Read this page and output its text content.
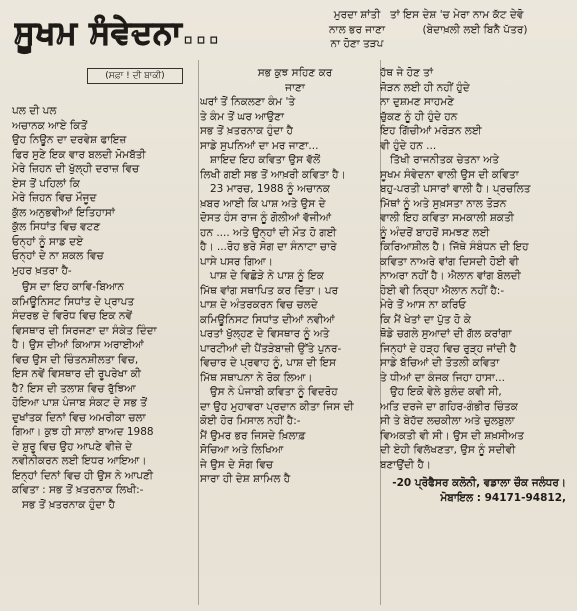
ਸੂਖਮ ਸੰਵੇਦਨਾ...
(ਸਫ਼ਾ ! ਦੀ ਬਾਕੀ)
ਪਲ ਦੀ ਪਲ
ਅਚਾਨਕ ਆਏ ਕਿਤੋਂ
ਉਹ ਨਿਊਨ ਦਾ ਦਰਵੇਸ਼ ਫਾਇਜ਼
ਫਿਰ ਸੁਣੇ ਇਕ ਵਾਰ ਬਲਦੀ ਮੋਮਬੱਤੀ
ਮੇਰੇ ਜ਼ਿਹਨ ਦੀ ਖੁੱਲ੍ਹੀ ਦਰਾਜ਼ ਵਿਚ
ਏਸ ਤੋਂ ਪਹਿਲਾਂ ਕਿ
ਮੇਰੇ ਜ਼ਿਹਨ ਵਿਚ ਮੌਜੂਦ
ਕੁੱਲ ਅਨੁਭਵੀਆਂ ਇਤਿਹਾਸਾਂ
ਕੁੱਲ ਸਿਧਾਂਤ ਵਿਚ ਵਟਣ
ਓਨ੍ਹਾਂ ਨੂੰ ਸਾਡ ਦਏ
ਓਨ੍ਹਾਂ ਦੇ ਨਾ ਸ਼ਕਲ ਵਿਚ
ਮੁਹਰ ਖ਼ਤਰਾ ਹੈ-
ਉਸ ਦਾ ਇਹ ਕਾਵਿ-ਬਿਆਨ
ਕਮਿਊਨਿਸਟ ਸਿਧਾਂਤ ਦੇ ਪ੍ਰਾਪਤ
ਸੰਦਰਭ ਦੇ ਵਿਰੋਧ ਵਿਚ ਇਕ ਨਵੇਂ
ਵਿਸਥਾਰ ਦੀ ਸਿਰਜਣਾ ਦਾ ਸੰਕੇਤ ਦਿੰਦਾ
ਹੈ। ਉਸ ਦੀਆਂ ਕਿਆਸ ਅਰਾਈਆਂ
ਵਿਚ ਉਸ ਦੀ ਚਿੰਤਨਸ਼ੀਲਤਾ ਵਿਚ,
ਇਸ ਨਵੇਂ ਵਿਸਥਾਰ ਦੀ ਰੂਪਰੇਖਾ ਕੀ
ਹੈ? ਇਸ ਦੀ ਤਲਾਸ਼ ਵਿਚ ਰੁੱਝਿਆ
ਹੋਇਆ ਪਾਸ਼ ਪੰਜਾਬ ਸੰਕਟ ਦੇ ਸਭ ਤੋਂ
ਦੁਖਾਂਤਕ ਦਿਨਾਂ ਵਿਚ ਅਮਰੀਕਾ ਚਲਾ
ਗਿਆ। ਕੁਝ ਹੀ ਸਾਲਾਂ ਬਾਅਦ 1988
ਦੇ ਸ਼ੁਰੂ ਵਿਚ ਉਹ ਆਪਣੇ ਵੀਜ਼ੇ ਦੇ
ਨਵੀਨੀਕਰਨ ਲਈ ਇਧਰ ਆਇਆ।
ਇਨ੍ਹਾਂ ਦਿਨਾਂ ਵਿਚ ਹੀ ਉਸ ਨੇ ਆਪਣੀ
ਕਵਿਤਾ : ਸਭ ਤੋਂ ਖ਼ਤਰਨਾਕ ਲਿਖੀ:-
ਸਭ ਤੋਂ ਖ਼ਤਰਨਾਕ ਹੁੰਦਾ ਹੈ
ਮੁਰਦਾ ਸ਼ਾਂਤੀ
ਨਾਲ ਭਰ ਜਾਣਾ
ਨਾ ਹੋਣਾ ਤੜਪ
ਸਭ ਕੁਝ ਸਹਿਣ ਕਰ
ਜਾਣਾ
ਘਰਾਂ ਤੋਂ ਨਿਕਲਣਾ ਕੰਮ 'ਤੇ
ਤੇ ਕੰਮ ਤੋਂ ਘਰ ਆਉਣਾ
ਸਭ ਤੋਂ ਖ਼ਤਰਨਾਕ ਹੁੰਦਾ ਹੈ
ਸਾਡੇ ਸੁਪਨਿਆਂ ਦਾ ਮਰ ਜਾਣਾ...
ਸ਼ਾਇਦ ਇਹ ਕਵਿਤਾ ਉਸ ਵੱਲੋਂ
ਲਿਖੀ ਗਈ ਸਭ ਤੋਂ ਆਖ਼ਰੀ ਕਵਿਤਾ ਹੈ।
23 ਮਾਰਚ, 1988 ਨੂੰ ਅਚਾਨਕ
ਖ਼ਬਰ ਆਈ ਕਿ ਪਾਸ਼ ਅਤੇ ਉਸ ਦੇ
ਦੋਸਤ ਹੰਸ ਰਾਜ ਨੂੰ ਗੋਲੀਆਂ ਵੱਜੀਆਂ
ਹਨ .... ਅਤੇ ਉਨ੍ਹਾਂ ਦੀ ਮੌਤ ਹੋ ਗਈ
ਹੈ। ...ਰੋਹ ਭਰੇ ਸੋਗ ਦਾ ਸੰਨਾਟਾ ਚਾਰੇ
ਪਾਸੇ ਪਸਰ ਗਿਆ।
ਪਾਸ਼ ਦੇ ਵਿਛੋੜੇ ਨੇ ਪਾਸ਼ ਨੂੰ ਇਕ
ਮਿੱਥ ਵਾਂਗ ਸਥਾਪਿਤ ਕਰ ਦਿੱਤਾ। ਪਰ
ਪਾਸ਼ ਦੇ ਅੰਤਰਕਰਨ ਵਿਚ ਚਲਦੇ
ਕਮਿਊਨਿਸਟ ਸਿਧਾਂਤ ਦੀਆਂ ਨਵੀਆਂ
ਪਰਤਾਂ ਖੁੱਲ੍ਹਣ ਦੇ ਵਿਸਥਾਰ ਨੂੰ ਅਤੇ
ਪਾਰਟੀਆਂ ਦੀ ਪੈਂਤੜੇਬਾਜ਼ੀ ਉੱਤੇ ਪੁਨਰ-
ਵਿਚਾਰ ਦੇ ਪ੍ਰਵਾਹ ਨੂੰ, ਪਾਸ਼ ਦੀ ਇਸ
ਮਿੱਥ ਸਥਾਪਨਾ ਨੇ ਰੋਕ ਲਿਆ।
ਉਸ ਨੇ ਪੰਜਾਬੀ ਕਵਿਤਾ ਨੂੰ ਵਿਦਰੋਹ
ਦਾ ਉਹ ਮੁਹਾਵਰਾ ਪ੍ਰਦਾਨ ਕੀਤਾ ਜਿਸ ਦੀ
ਕੋਈ ਹੋਰ ਮਿਸਾਲ ਨਹੀਂ ਹੈ:-
ਮੈਂ ਉਮਰ ਭਰ ਜਿਸਦੇ ਖ਼ਿਲਾਫ਼
ਸੋਚਿਆ ਅਤੇ ਲਿਖਿਆ
ਜੇ ਉਸ ਦੇ ਸੋਗ ਵਿਚ
ਸਾਰਾ ਹੀ ਦੇਸ਼ ਸ਼ਾਮਿਲ ਹੈ
ਤਾਂ ਇਸ ਦੇਸ਼ 'ਚ ਮੇਰਾ ਨਾਮ ਕੱਟ ਦੇਵੋ
(ਬੇਦਾਖ਼ਲੀ ਲਈ ਬਿਨੈ ਪੱਤਰ)
ਹੱਥ ਜੇ ਹੋਣ ਤਾਂ
ਜੋੜਨ ਲਈ ਹੀ ਨਹੀਂ ਹੁੰਦੇ
ਨਾ ਦੁਸ਼ਮਣ ਸਾਹਮਣੇ
ਚੁੱਕਣ ਨੂੰ ਹੀ ਹੁੰਦੇ ਹਨ
ਇਹ ਗਿੱਚੀਆਂ ਮਰੋੜਨ ਲਈ
ਵੀ ਹੁੰਦੇ ਹਨ ...
ਤਿੱਖੀ ਰਾਜਨੀਤਕ ਚੇਤਨਾ ਅਤੇ
ਸੂਖਮ ਸੰਵੇਦਨਾ ਵਾਲੀ ਉਸ ਦੀ ਕਵਿਤਾ
ਬਹੁ-ਪਰਤੀ ਪਸਾਰਾਂ ਵਾਲੀ ਹੈ। ਪ੍ਰਚਲਿਤ
ਮਿੱਥਾਂ ਨੂੰ ਅਤੇ ਸੁਖ਼ਸਤਾ ਨਾਲ ਤੋੜਨ
ਵਾਲੀ ਇਹ ਕਵਿਤਾ ਸਮਕਾਲੀ ਸ਼ਕਤੀ
ਨੂੰ ਅੰਦਰੋਂ ਬਾਹਰੋਂ ਸਮਝਣ ਲਈ
ਕਿਰਿਆਸ਼ੀਲ ਹੈ। ਜਿੱਥੇ ਸੰਬੰਧਨ ਦੀ ਇਹ
ਕਵਿਤਾ ਨਾਅਰੇ ਵਾਂਗ ਦਿਸਦੀ ਹੋਈ ਵੀ
ਨਾਅਰਾ ਨਹੀਂ ਹੈ। ਐਲਾਨ ਵਾਂਗ ਬੋਲਦੀ
ਹੋਈ ਵੀ ਨਿਰ੍ਹਾ ਐਲਾਨ ਨਹੀਂ ਹੈ:-
ਮੇਰੇ ਤੋਂ ਆਸ ਨਾ ਕਰਿਓ
ਕਿ ਮੈਂ ਖੇਤਾਂ ਦਾ ਪੁੱਤ ਹੋ ਕੇ
ਥੋਡੇ ਚਗਲੇ ਸੁਆਦਾਂ ਦੀ ਗੱਲ ਕਰਾਂਗਾ
ਜਿਨ੍ਹਾਂ ਦੇ ਹੜ੍ਹ ਵਿਚ ਰੁੜ੍ਹ ਜਾਂਦੀ ਹੈ
ਸਾਡੇ ਬੱਚਿਆਂ ਦੀ ਤੋਤਲੀ ਕਵਿਤਾ
ਤੇ ਧੀਆਂ ਦਾ ਕੰਜਕ ਜਿਹਾ ਹਾਸਾ...
ਉਹ ਇਕੋ ਵੇਲੇ ਬੁਲੰਦ ਕਵੀ ਸੀ,
ਅਤਿ ਦਰਜੇ ਦਾ ਗਹਿਰ-ਗੰਭੀਰ ਚਿੰਤਕ
ਸੀ ਤੇ ਬੇਹੱਦ ਲਚਕੀਲਾ ਅਤੇ ਚੁਲਬੁਲਾ
ਵਿਅਕਤੀ ਵੀ ਸੀ। ਉਸ ਦੀ ਸ਼ਖ਼ਸੀਅਤ
ਦੀ ਏਹੀ ਵਿਲੱਖਣਤਾ, ਉਸ ਨੂੰ ਸਦੀਵੀ
ਬਣਾਉਂਦੀ ਹੈ।
-20 ਪ੍ਰੋਫੈਸਰ ਕਲੋਨੀ, ਵਡਾਲਾ ਚੌਕ ਜਲੰਧਰ।
ਮੋਬਾਇਲ : 94171-94812,
